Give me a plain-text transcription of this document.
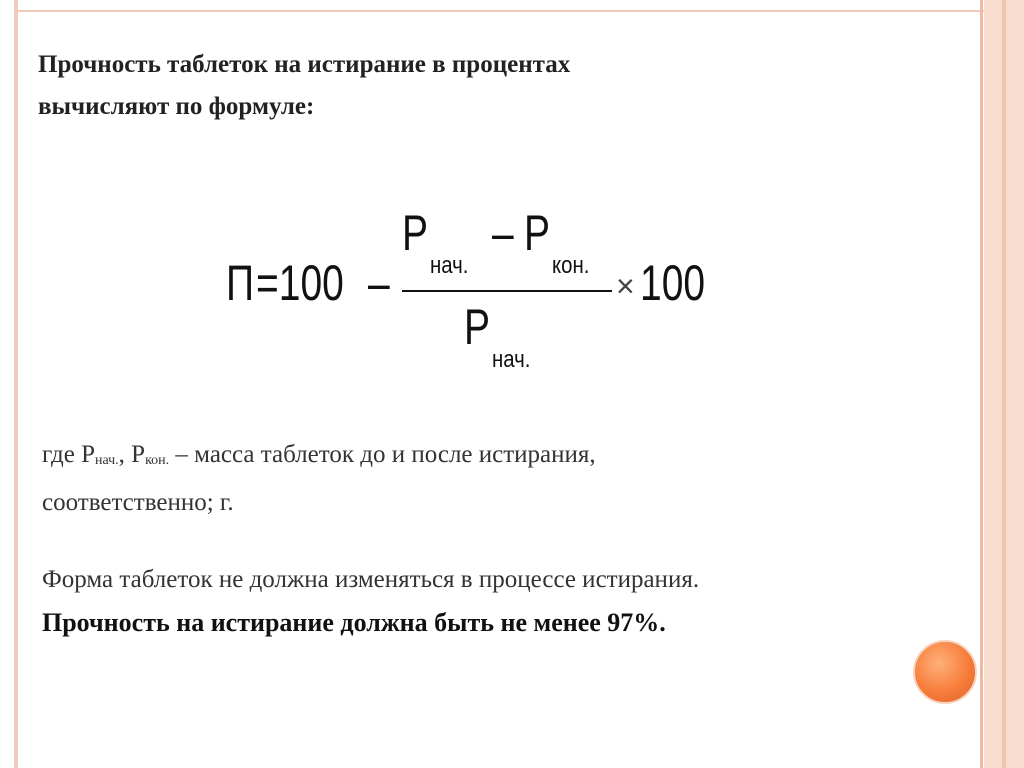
Прочность таблеток на истирание в процентах
вычисляют по формуле:
П =100 –
P
нач.
– P
кон.
P
нач.
× 100
где $P_{нач.}$, $P_{кон.}$ – масса таблеток до и после истирания,
соответственно; г.
Форма таблеток не должна изменяться в процессе истирания.
Прочность на истирание должна быть не менее 97%.
